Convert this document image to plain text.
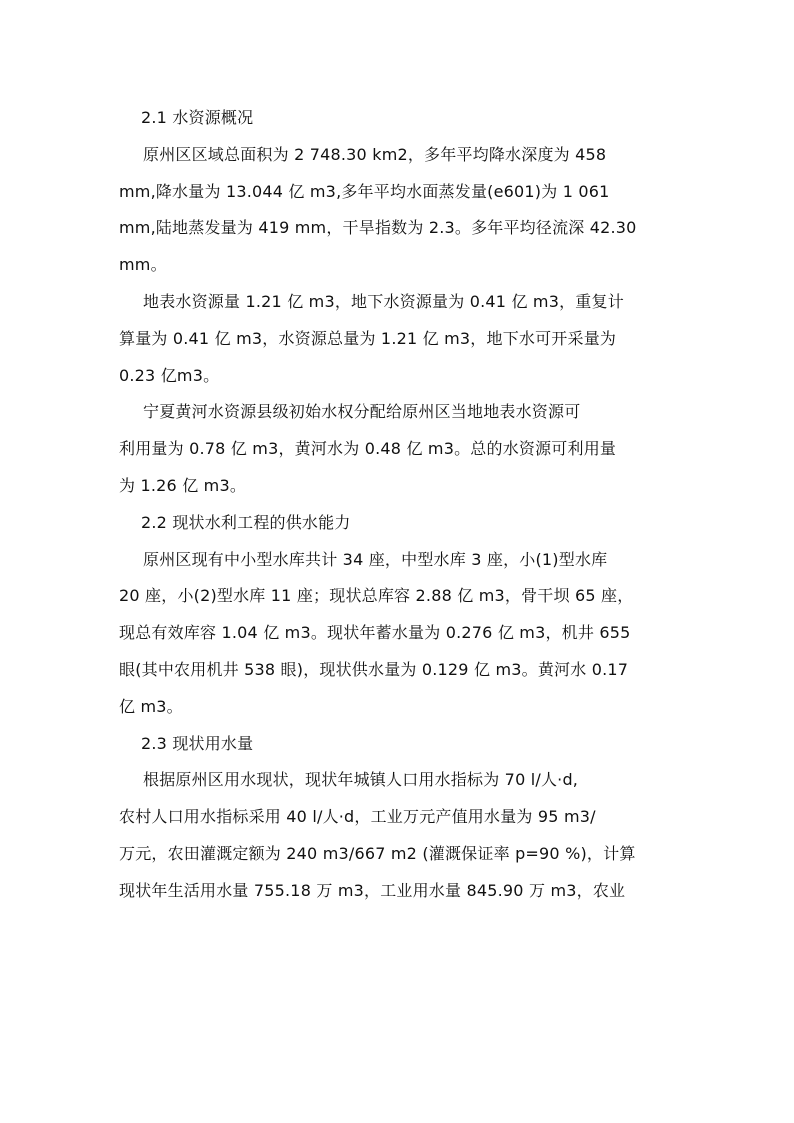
2.1 水资源概况

原州区区域总面积为 2 748.30 km2，多年平均降水深度为 458

mm,降水量为 13.044 亿 m3,多年平均水面蒸发量(e601)为 1 061

mm,陆地蒸发量为 419 mm，干旱指数为 2.3。多年平均径流深 42.30

mm。

地表水资源量 1.21 亿 m3，地下水资源量为 0.41 亿 m3，重复计

算量为 0.41 亿 m3，水资源总量为 1.21 亿 m3，地下水可开采量为

0.23 亿m3。

宁夏黄河水资源县级初始水权分配给原州区当地地表水资源可

利用量为 0.78 亿 m3，黄河水为 0.48 亿 m3。总的水资源可利用量

为 1.26 亿 m3。

2.2 现状水利工程的供水能力

原州区现有中小型水库共计 34 座，中型水库 3 座，小(1)型水库

20 座，小(2)型水库 11 座；现状总库容 2.88 亿 m3，骨干坝 65 座，

现总有效库容 1.04 亿 m3。现状年蓄水量为 0.276 亿 m3，机井 655

眼(其中农用机井 538 眼)，现状供水量为 0.129 亿 m3。黄河水 0.17

亿 m3。

2.3 现状用水量

根据原州区用水现状，现状年城镇人口用水指标为 70 l/人·d,

农村人口用水指标采用 40 l/人·d，工业万元产值用水量为 95 m3/

万元，农田灌溉定额为 240 m3/667 m2 (灌溉保证率 p=90 %)，计算

现状年生活用水量 755.18 万 m3，工业用水量 845.90 万 m3，农业
